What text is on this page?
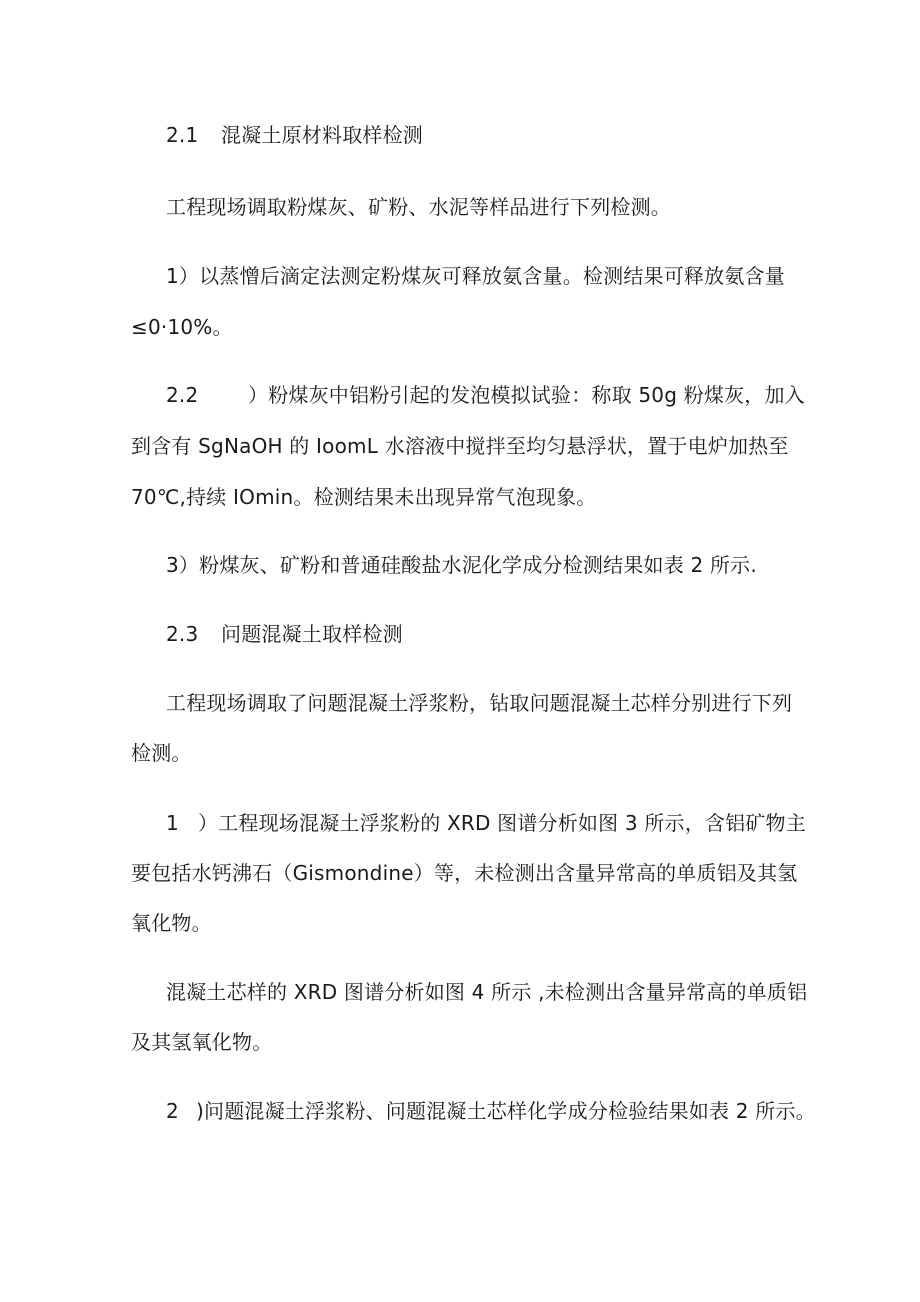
2.1 混凝土原材料取样检测
工程现场调取粉煤灰、矿粉、水泥等样品进行下列检测。
1）以蒸憎后滴定法测定粉煤灰可释放氨含量。检测结果可释放氨含量
≤0·10%。
2.2 ）粉煤灰中铝粉引起的发泡模拟试验：称取 50g 粉煤灰，加入
到含有 SgNaOH 的 IoomL 水溶液中搅拌至均匀悬浮状，置于电炉加热至
70℃,持续 IOmin。检测结果未出现异常气泡现象。
3）粉煤灰、矿粉和普通硅酸盐水泥化学成分检测结果如表 2 所示.
2.3 问题混凝土取样检测
工程现场调取了问题混凝土浮浆粉，钻取问题混凝土芯样分别进行下列
检测。
1 ）工程现场混凝土浮浆粉的 XRD 图谱分析如图 3 所示，含铝矿物主
要包括水钙沸石（Gismondine）等，未检测出含量异常高的单质铝及其氢
氧化物。
混凝土芯样的 XRD 图谱分析如图 4 所示 ,未检测出含量异常高的单质铝
及其氢氧化物。
2 )问题混凝土浮浆粉、问题混凝土芯样化学成分检验结果如表 2 所示。
